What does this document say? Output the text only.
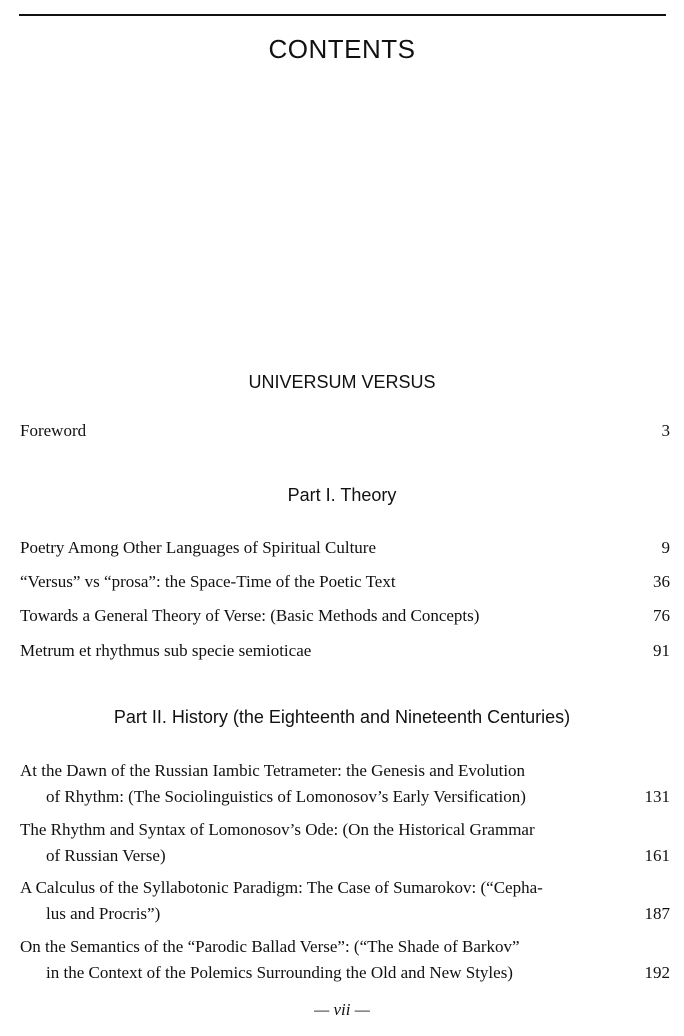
CONTENTS
UNIVERSUM VERSUS
Foreword	3
Part I. Theory
Poetry Among Other Languages of Spiritual Culture	9
“Versus” vs “prosa”: the Space-Time of the Poetic Text	36
Towards a General Theory of Verse: (Basic Methods and Concepts)	76
Metrum et rhythmus sub specie semioticae	91
Part II. History (the Eighteenth and Nineteenth Centuries)
At the Dawn of the Russian Iambic Tetrameter: the Genesis and Evolution
of Rhythm: (The Sociolinguistics of Lomonosov’s Early Versification)	131
The Rhythm and Syntax of Lomonosov’s Ode: (On the Historical Grammar
of Russian Verse)	161
A Calculus of the Syllabotonic Paradigm: The Case of Sumarokov: (“Cepha-
lus and Procris”)	187
On the Semantics of the “Parodic Ballad Verse”: (“The Shade of Barkov”
in the Context of the Polemics Surrounding the Old and New Styles)	192
— vii —
